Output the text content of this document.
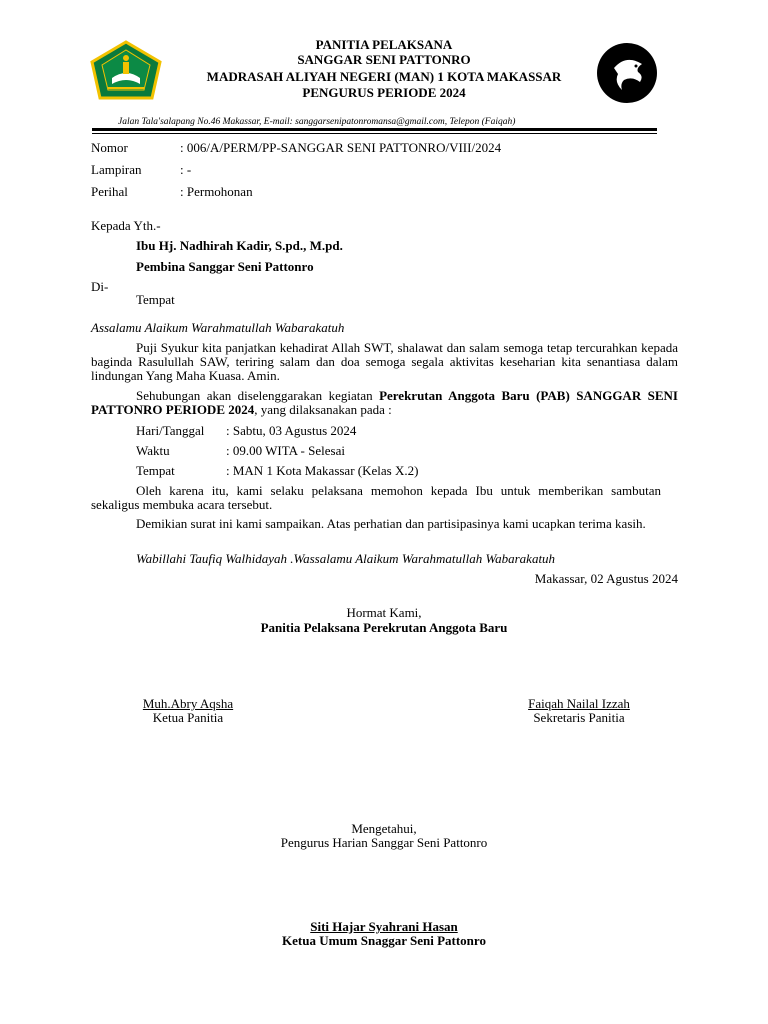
PANITIA PELAKSANA
SANGGAR SENI PATTONRO
MADRASAH ALIYAH NEGERI (MAN) 1 KOTA MAKASSAR
PENGURUS PERIODE 2024
Jalan Tala'salapang No.46 Makassar, E-mail: sanggarsenipatonromansa@gmail.com, Telepon (Faiqah)
Nomor	: 006/A/PERM/PP-SANGGAR SENI PATTONRO/VIII/2024
Lampiran	: -
Perihal	: Permohonan
Kepada Yth.-
Ibu Hj. Nadhirah Kadir, S.pd., M.pd.
Pembina Sanggar Seni Pattonro
Di-
Tempat
Assalamu Alaikum Warahmatullah Wabarakatuh
Puji Syukur kita panjatkan kehadirat Allah SWT, shalawat dan salam semoga tetap tercurahkan kepada baginda Rasulullah SAW, teriring salam dan doa semoga segala aktivitas keseharian kita senantiasa dalam lindungan Yang Maha Kuasa. Amin.
Sehubungan akan diselenggarakan kegiatan Perekrutan Anggota Baru (PAB) SANGGAR SENI PATTONRO PERIODE 2024, yang dilaksanakan pada :
Hari/Tanggal : Sabtu, 03 Agustus 2024
Waktu	: 09.00 WITA - Selesai
Tempat	: MAN 1 Kota Makassar (Kelas X.2)
Oleh karena itu, kami selaku pelaksana memohon kepada Ibu untuk memberikan sambutan sekaligus membuka acara tersebut.
Demikian surat ini kami sampaikan. Atas perhatian dan partisipasinya kami ucapkan terima kasih.
Wabillahi Taufiq Walhidayah .Wassalamu Alaikum Warahmatullah Wabarakatuh
Makassar, 02 Agustus 2024
Hormat Kami,
Panitia Pelaksana Perekrutan Anggota Baru
Muh.Abry Aqsha
Ketua Panitia
Faiqah Nailal Izzah
Sekretaris Panitia
Mengetahui,
Pengurus Harian Sanggar Seni Pattonro
Siti Hajar Syahrani Hasan
Ketua Umum Snaggar Seni Pattonro
